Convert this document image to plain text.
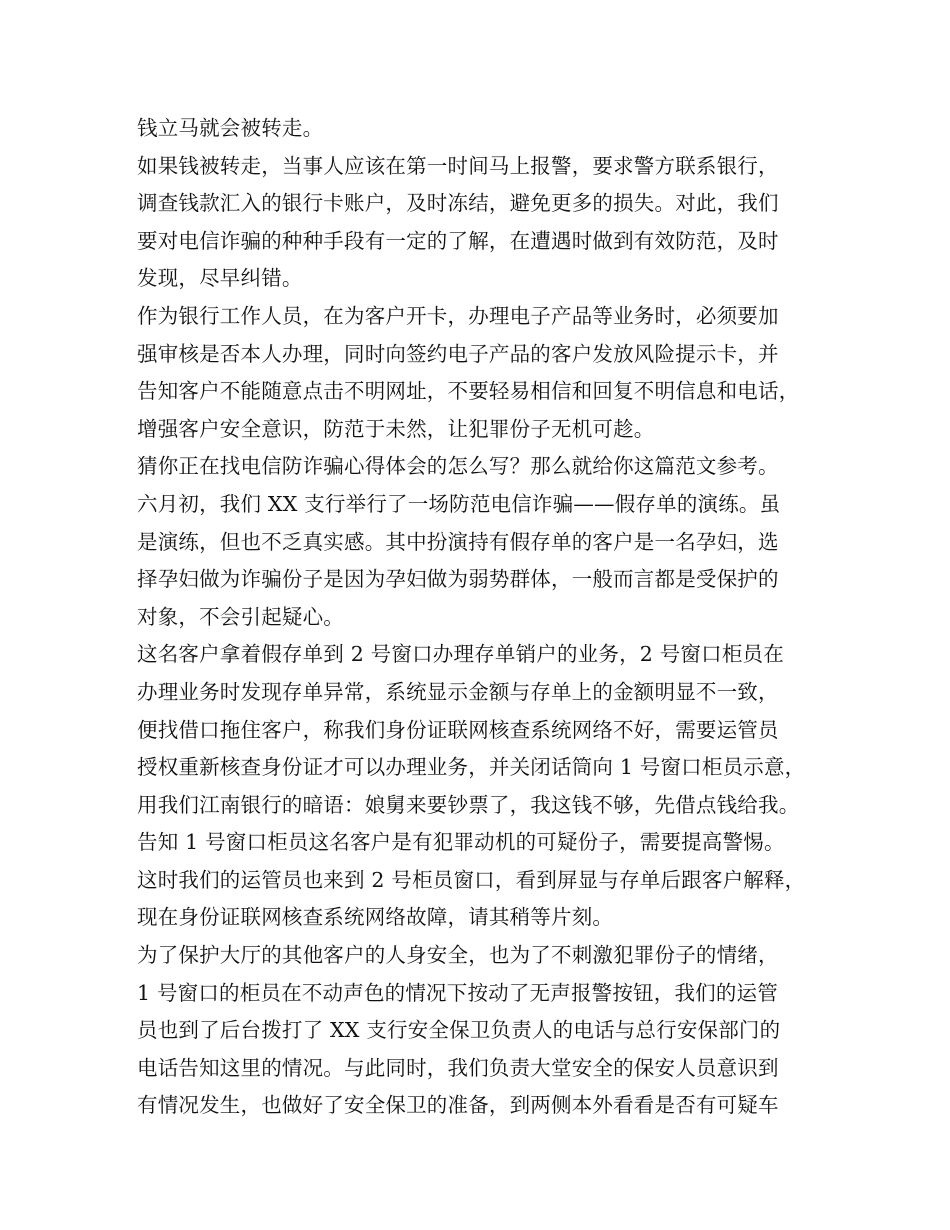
钱立马就会被转走。
如果钱被转走，当事人应该在第一时间马上报警，要求警方联系银行，
调查钱款汇入的银行卡账户，及时冻结，避免更多的损失。对此，我们
要对电信诈骗的种种手段有一定的了解，在遭遇时做到有效防范，及时
发现，尽早纠错。
作为银行工作人员，在为客户开卡，办理电子产品等业务时，必须要加
强审核是否本人办理，同时向签约电子产品的客户发放风险提示卡，并
告知客户不能随意点击不明网址，不要轻易相信和回复不明信息和电话，
增强客户安全意识，防范于未然，让犯罪份子无机可趁。
猜你正在找电信防诈骗心得体会的怎么写？那么就给你这篇范文参考。
六月初，我们 XX 支行举行了一场防范电信诈骗——假存单的演练。虽
是演练，但也不乏真实感。其中扮演持有假存单的客户是一名孕妇，选
择孕妇做为诈骗份子是因为孕妇做为弱势群体，一般而言都是受保护的
对象，不会引起疑心。
这名客户拿着假存单到 2 号窗口办理存单销户的业务，2 号窗口柜员在
办理业务时发现存单异常，系统显示金额与存单上的金额明显不一致，
便找借口拖住客户，称我们身份证联网核查系统网络不好，需要运管员
授权重新核查身份证才可以办理业务，并关闭话筒向 1 号窗口柜员示意，
用我们江南银行的暗语：娘舅来要钞票了，我这钱不够，先借点钱给我。
告知 1 号窗口柜员这名客户是有犯罪动机的可疑份子，需要提高警惕。
这时我们的运管员也来到 2 号柜员窗口，看到屏显与存单后跟客户解释，
现在身份证联网核查系统网络故障，请其稍等片刻。
为了保护大厅的其他客户的人身安全，也为了不刺激犯罪份子的情绪，
1 号窗口的柜员在不动声色的情况下按动了无声报警按钮，我们的运管
员也到了后台拨打了 XX 支行安全保卫负责人的电话与总行安保部门的
电话告知这里的情况。与此同时，我们负责大堂安全的保安人员意识到
有情况发生，也做好了安全保卫的准备，到两侧本外看看是否有可疑车
